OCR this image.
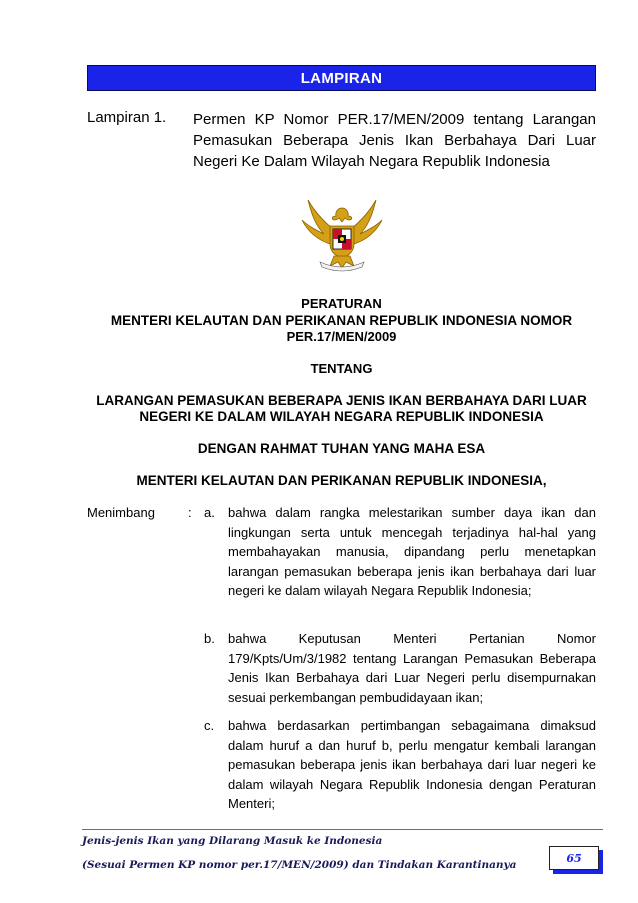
LAMPIRAN
Lampiran 1. Permen KP Nomor PER.17/MEN/2009 tentang Larangan Pemasukan Beberapa Jenis Ikan Berbahaya Dari Luar Negeri Ke Dalam Wilayah Negara Republik Indonesia
PERATURAN
MENTERI KELAUTAN DAN PERIKANAN REPUBLIK INDONESIA NOMOR
PER.17/MEN/2009
TENTANG
LARANGAN PEMASUKAN BEBERAPA JENIS IKAN BERBAHAYA DARI LUAR
NEGERI KE DALAM WILAYAH NEGARA REPUBLIK INDONESIA
DENGAN RAHMAT TUHAN YANG MAHA ESA
MENTERI KELAUTAN DAN PERIKANAN REPUBLIK INDONESIA,
Menimbang	: a.	bahwa dalam rangka melestarikan sumber daya ikan dan lingkungan serta untuk mencegah terjadinya hal-hal yang membahayakan manusia, dipandang perlu menetapkan larangan pemasukan beberapa jenis ikan berbahaya dari luar negeri ke dalam wilayah Negara Republik Indonesia;
b.	bahwa Keputusan Menteri Pertanian Nomor 179/Kpts/Um/3/1982 tentang Larangan Pemasukan Beberapa Jenis Ikan Berbahaya dari Luar Negeri perlu disempurnakan sesuai perkembangan pembudidayaan ikan;
c.	bahwa berdasarkan pertimbangan sebagaimana dimaksud dalam huruf a dan huruf b, perlu mengatur kembali larangan pemasukan beberapa jenis ikan berbahaya dari luar negeri ke dalam wilayah Negara Republik Indonesia dengan Peraturan Menteri;
Jenis-jenis Ikan yang Dilarang Masuk ke Indonesia
(Sesuai Permen KP nomor per.17/MEN/2009) dan Tindakan Karantinanya
65
